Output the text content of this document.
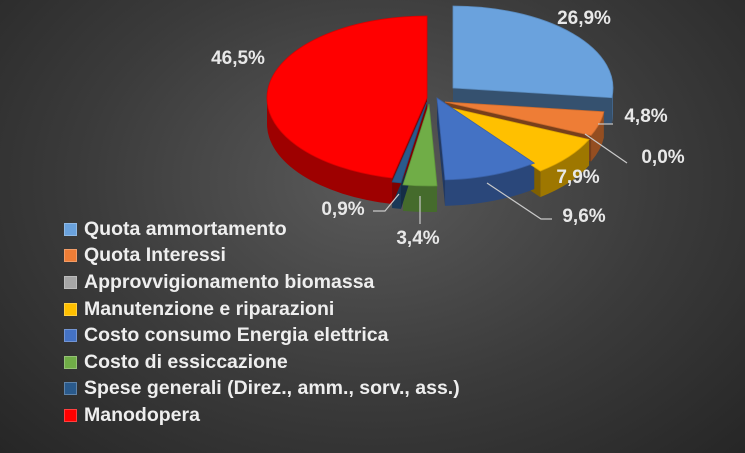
26,9%
4,8%
0,0%
7,9%
9,6%
3,4%
0,9%
46,5%
Quota ammortamento
Quota Interessi
Approvvigionamento biomassa
Manutenzione e riparazioni
Costo consumo Energia elettrica
Costo di essiccazione
Spese generali (Direz., amm., sorv., ass.)
Manodopera
